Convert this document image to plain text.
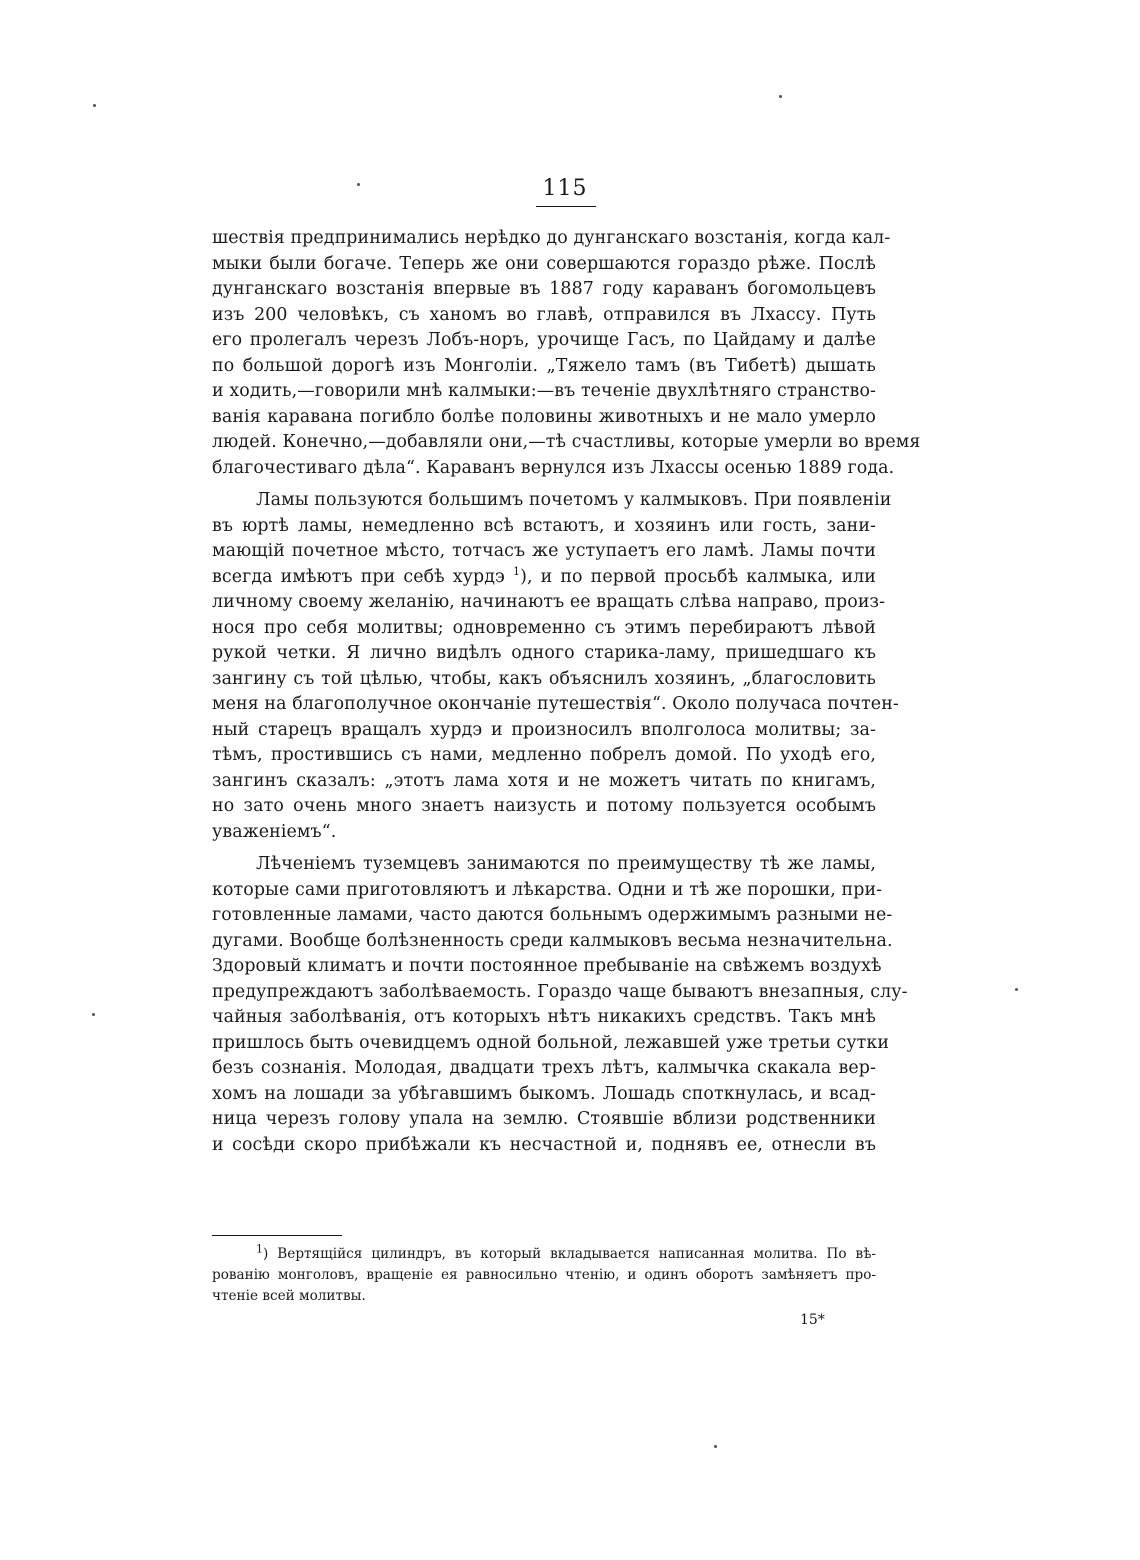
115
шествія предпринимались нерѣдко до дунганскаго возстанія, когда кал-
мыки были богаче. Теперь же они совершаются гораздо рѣже. Послѣ
дунганскаго возстанія впервые въ 1887 году караванъ богомольцевъ
изъ 200 человѣкъ, съ ханомъ во главѣ, отправился въ Лхассу. Путь
его пролегалъ черезъ Лобъ-норъ, урочище Гасъ, по Цайдаму и далѣе
по большой дорогѣ изъ Монголіи. „Тяжело тамъ (въ Тибетѣ) дышать
и ходить,—говорили мнѣ калмыки:—въ теченіе двухлѣтняго странство-
ванія каравана погибло болѣе половины животныхъ и не мало умерло
людей. Конечно,—добавляли они,—тѣ счастливы, которые умерли во время
благочестиваго дѣла“. Караванъ вернулся изъ Лхассы осенью 1889 года.
Ламы пользуются большимъ почетомъ у калмыковъ. При появленіи
въ юртѣ ламы, немедленно всѣ встаютъ, и хозяинъ или гость, зани-
мающій почетное мѣсто, тотчасъ же уступаетъ его ламѣ. Ламы почти
всегда имѣютъ при себѣ хурдэ $^1$), и по первой просьбѣ калмыка, или
личному своему желанію, начинаютъ ее вращать слѣва направо, произ-
нося про себя молитвы; одновременно съ этимъ перебираютъ лѣвой
рукой четки. Я лично видѣлъ одного старика-ламу, пришедшаго къ
зангину съ той цѣлью, чтобы, какъ объяснилъ хозяинъ, „благословить
меня на благополучное окончаніе путешествія“. Около получаса почтен-
ный старецъ вращалъ хурдэ и произносилъ вполголоса молитвы; за-
тѣмъ, простившись съ нами, медленно побрелъ домой. По уходѣ его,
зангинъ сказалъ: „этотъ лама хотя и не можетъ читать по книгамъ,
но зато очень много знаетъ наизусть и потому пользуется особымъ
уваженіемъ“.
Лѣченіемъ туземцевъ занимаются по преимуществу тѣ же ламы,
которые сами приготовляютъ и лѣкарства. Одни и тѣ же порошки, при-
готовленные ламами, часто даются больнымъ одержимымъ разными не-
дугами. Вообще болѣзненность среди калмыковъ весьма незначительна.
Здоровый климатъ и почти постоянное пребываніе на свѣжемъ воздухѣ
предупреждаютъ заболѣваемость. Гораздо чаще бываютъ внезапныя, слу-
чайныя заболѣванія, отъ которыхъ нѣтъ никакихъ средствъ. Такъ мнѣ
пришлось быть очевидцемъ одной больной, лежавшей уже третьи сутки
безъ сознанія. Молодая, двадцати трехъ лѣтъ, калмычка скакала вер-
хомъ на лошади за убѣгавшимъ быкомъ. Лошадь споткнулась, и всад-
ница черезъ голову упала на землю. Стоявшіе вблизи родственники
и сосѣди скоро прибѣжали къ несчастной и, поднявъ ее, отнесли въ
$^1$) Вертящійся цилиндръ, въ который вкладывается написанная молитва. По вѣ-
рованію монголовъ, вращеніе ея равносильно чтенію, и одинъ оборотъ замѣняетъ про-
чтеніе всей молитвы.
15*
